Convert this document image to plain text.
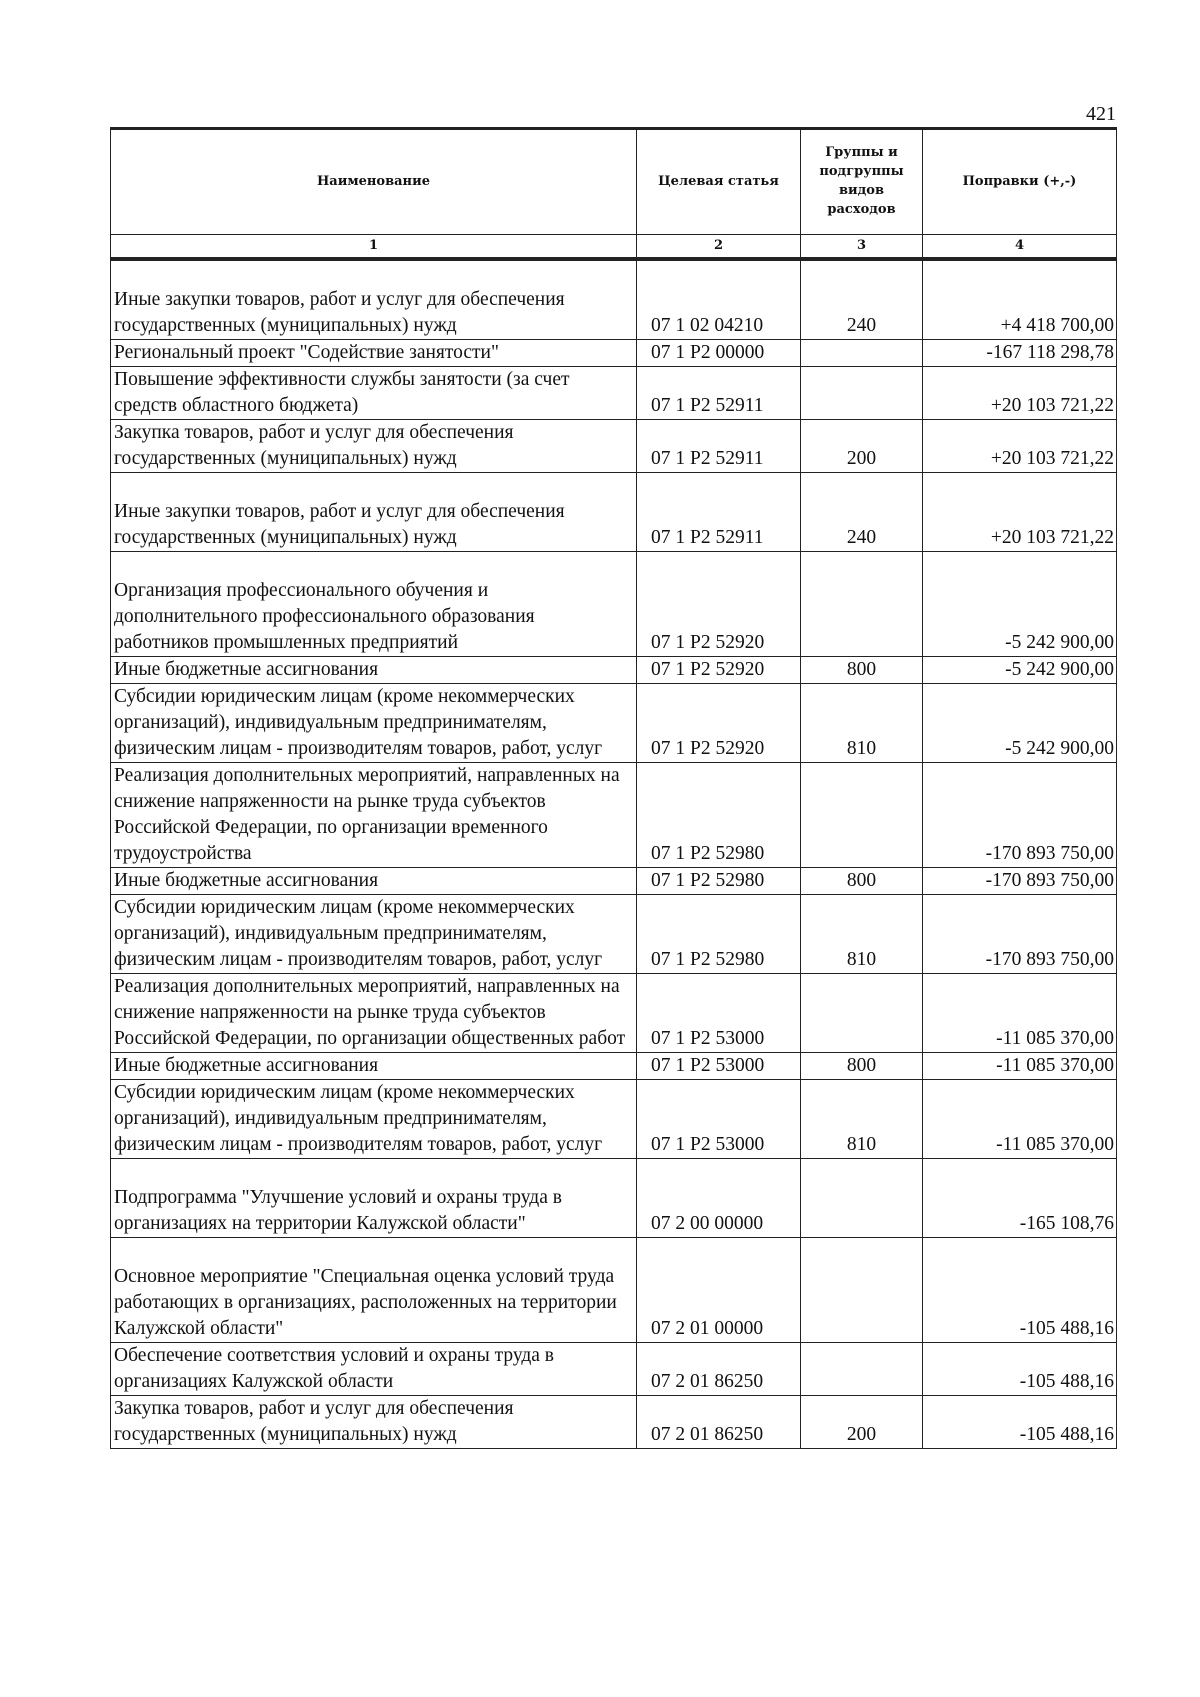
421
Наименование	Целевая статья	Группы и подгруппы видов расходов	Поправки (+,-)
1	2	3	4
Иные закупки товаров, работ и услуг для обеспечения государственных (муниципальных) нужд	07 1 02 04210	240	+4 418 700,00
Региональный проект "Содействие занятости"	07 1 P2 00000		-167 118 298,78
Повышение эффективности службы занятости (за счет средств областного бюджета)	07 1 P2 52911		+20 103 721,22
Закупка товаров, работ и услуг для обеспечения государственных (муниципальных) нужд	07 1 P2 52911	200	+20 103 721,22
Иные закупки товаров, работ и услуг для обеспечения государственных (муниципальных) нужд	07 1 P2 52911	240	+20 103 721,22
Организация профессионального обучения и дополнительного профессионального образования работников промышленных предприятий	07 1 P2 52920		-5 242 900,00
Иные бюджетные ассигнования	07 1 P2 52920	800	-5 242 900,00
Субсидии юридическим лицам (кроме некоммерческих организаций), индивидуальным предпринимателям, физическим лицам - производителям товаров, работ, услуг	07 1 P2 52920	810	-5 242 900,00
Реализация дополнительных мероприятий, направленных на снижение напряженности на рынке труда субъектов Российской Федерации, по организации временного трудоустройства	07 1 P2 52980		-170 893 750,00
Иные бюджетные ассигнования	07 1 P2 52980	800	-170 893 750,00
Субсидии юридическим лицам (кроме некоммерческих организаций), индивидуальным предпринимателям, физическим лицам - производителям товаров, работ, услуг	07 1 P2 52980	810	-170 893 750,00
Реализация дополнительных мероприятий, направленных на снижение напряженности на рынке труда субъектов Российской Федерации, по организации общественных работ	07 1 P2 53000		-11 085 370,00
Иные бюджетные ассигнования	07 1 P2 53000	800	-11 085 370,00
Субсидии юридическим лицам (кроме некоммерческих организаций), индивидуальным предпринимателям, физическим лицам - производителям товаров, работ, услуг	07 1 P2 53000	810	-11 085 370,00
Подпрограмма "Улучшение условий и охраны труда в организациях на территории Калужской области"	07 2 00 00000		-165 108,76
Основное мероприятие "Специальная оценка условий труда работающих в организациях, расположенных на территории Калужской области"	07 2 01 00000		-105 488,16
Обеспечение соответствия условий и охраны труда в организациях Калужской области	07 2 01 86250		-105 488,16
Закупка товаров, работ и услуг для обеспечения государственных (муниципальных) нужд	07 2 01 86250	200	-105 488,16
